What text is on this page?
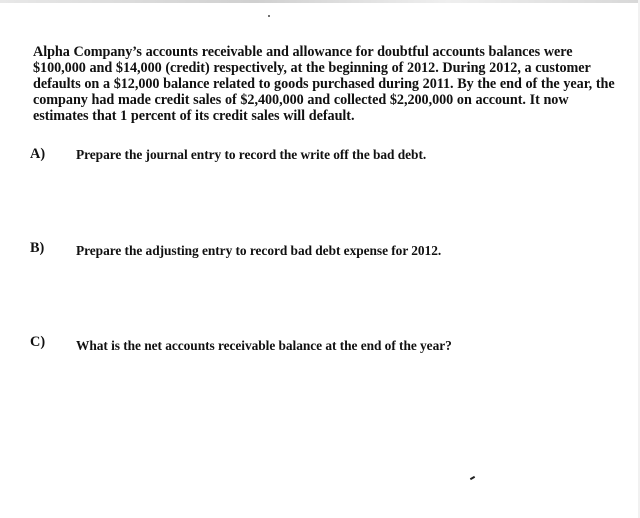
Alpha Company’s accounts receivable and allowance for doubtful accounts balances were $100,000 and $14,000 (credit) respectively, at the beginning of 2012. During 2012, a customer defaults on a $12,000 balance related to goods purchased during 2011. By the end of the year, the company had made credit sales of $2,400,000 and collected $2,200,000 on account. It now estimates that 1 percent of its credit sales will default.

A) Prepare the journal entry to record the write off the bad debt.
B) Prepare the adjusting entry to record bad debt expense for 2012.
C) What is the net accounts receivable balance at the end of the year?
